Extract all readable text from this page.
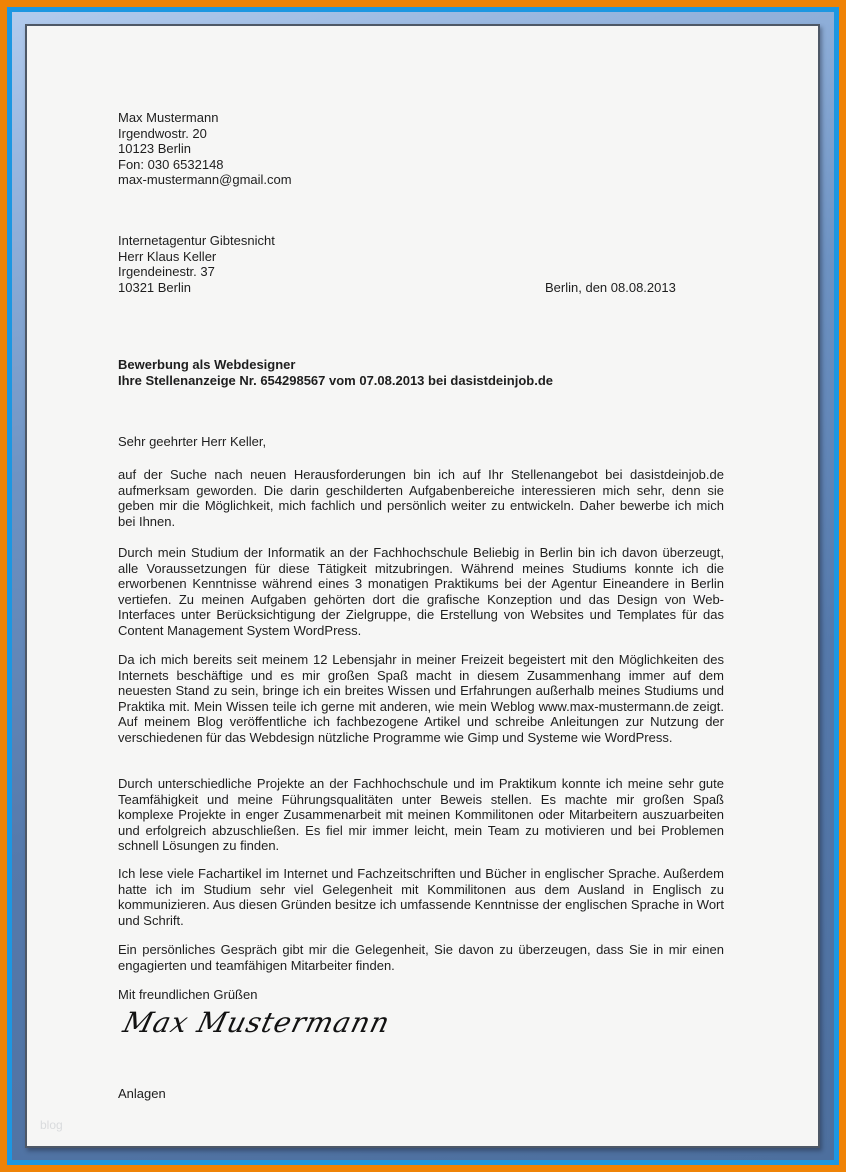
Max Mustermann
Irgendwostr. 20
10123 Berlin
Fon: 030 6532148
max-mustermann@gmail.com
Internetagentur Gibtesnicht
Herr Klaus Keller
Irgendeinestr. 37
10321 Berlin	Berlin, den 08.08.2013
Bewerbung als Webdesigner
Ihre Stellenanzeige Nr. 654298567 vom 07.08.2013 bei dasistdeinjob.de
Sehr geehrter Herr Keller,

auf der Suche nach neuen Herausforderungen bin ich auf Ihr Stellenangebot bei dasistdeinjob.de aufmerksam geworden. Die darin geschilderten Aufgabenbereiche interessieren mich sehr, denn sie geben mir die Möglichkeit, mich fachlich und persönlich weiter zu entwickeln. Daher bewerbe ich mich bei Ihnen.

Durch mein Studium der Informatik an der Fachhochschule Beliebig in Berlin bin ich davon überzeugt, alle Voraussetzungen für diese Tätigkeit mitzubringen. Während meines Studiums konnte ich die erworbenen Kenntnisse während eines 3 monatigen Praktikums bei der Agentur Eineandere in Berlin vertiefen. Zu meinen Aufgaben gehörten dort die grafische Konzeption und das Design von Web-Interfaces unter Berücksichtigung der Zielgruppe, die Erstellung von Websites und Templates für das Content Management System WordPress.

Da ich mich bereits seit meinem 12 Lebensjahr in meiner Freizeit begeistert mit den Möglichkeiten des Internets beschäftige und es mir großen Spaß macht in diesem Zusammenhang immer auf dem neuesten Stand zu sein, bringe ich ein breites Wissen und Erfahrungen außerhalb meines Studiums und Praktika mit. Mein Wissen teile ich gerne mit anderen, wie mein Weblog www.max-mustermann.de zeigt. Auf meinem Blog veröffentliche ich fachbezogene Artikel und schreibe Anleitungen zur Nutzung der verschiedenen für das Webdesign nützliche Programme wie Gimp und Systeme wie WordPress.

Durch unterschiedliche Projekte an der Fachhochschule und im Praktikum konnte ich meine sehr gute Teamfähigkeit und meine Führungsqualitäten unter Beweis stellen. Es machte mir großen Spaß komplexe Projekte in enger Zusammenarbeit mit meinen Kommilitonen oder Mitarbeitern auszuarbeiten und erfolgreich abzuschließen. Es fiel mir immer leicht, mein Team zu motivieren und bei Problemen schnell Lösungen zu finden.

Ich lese viele Fachartikel im Internet und Fachzeitschriften und Bücher in englischer Sprache. Außerdem hatte ich im Studium sehr viel Gelegenheit mit Kommilitonen aus dem Ausland in Englisch zu kommunizieren. Aus diesen Gründen besitze ich umfassende Kenntnisse der englischen Sprache in Wort und Schrift.

Ein persönliches Gespräch gibt mir die Gelegenheit, Sie davon zu überzeugen, dass Sie in mir einen engagierten und teamfähigen Mitarbeiter finden.

Mit freundlichen Grüßen
Max Mustermann
Anlagen
blog
